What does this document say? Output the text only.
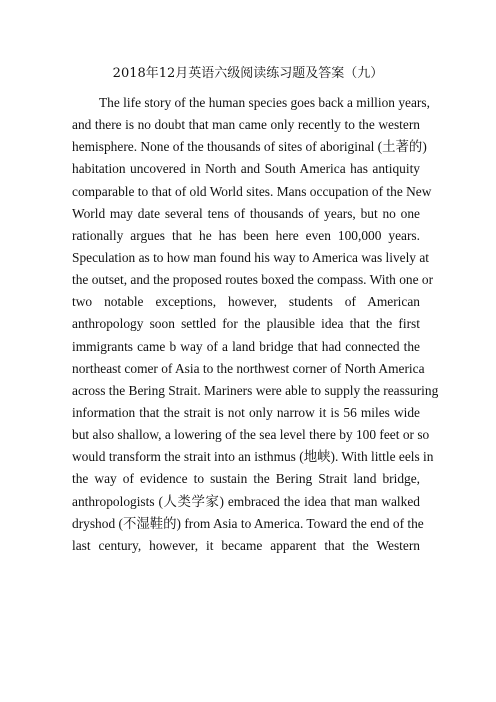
2018年12月英语六级阅读练习题及答案（九）
The life story of the human species goes back a million years,
and there is no doubt that man came only recently to the western
hemisphere. None of the thousands of sites of aboriginal (土著的)
habitation uncovered in North and South America has antiquity
comparable to that of old World sites. Mans occupation of the New
World may date several tens of thousands of years, but no one
rationally argues that he has been here even 100,000 years.
Speculation as to how man found his way to America was lively at
the outset, and the proposed routes boxed the compass. With one or
two notable exceptions, however, students of American
anthropology soon settled for the plausible idea that the first
immigrants came b way of a land bridge that had connected the
northeast comer of Asia to the northwest corner of North America
across the Bering Strait. Mariners were able to supply the reassuring
information that the strait is not only narrow it is 56 miles wide
but also shallow, a lowering of the sea level there by 100 feet or so
would transform the strait into an isthmus (地峡). With little eels in
the way of evidence to sustain the Bering Strait land bridge,
anthropologists (人类学家) embraced the idea that man walked
dryshod (不湿鞋的) from Asia to America. Toward the end of the
last century, however, it became apparent that the Western
